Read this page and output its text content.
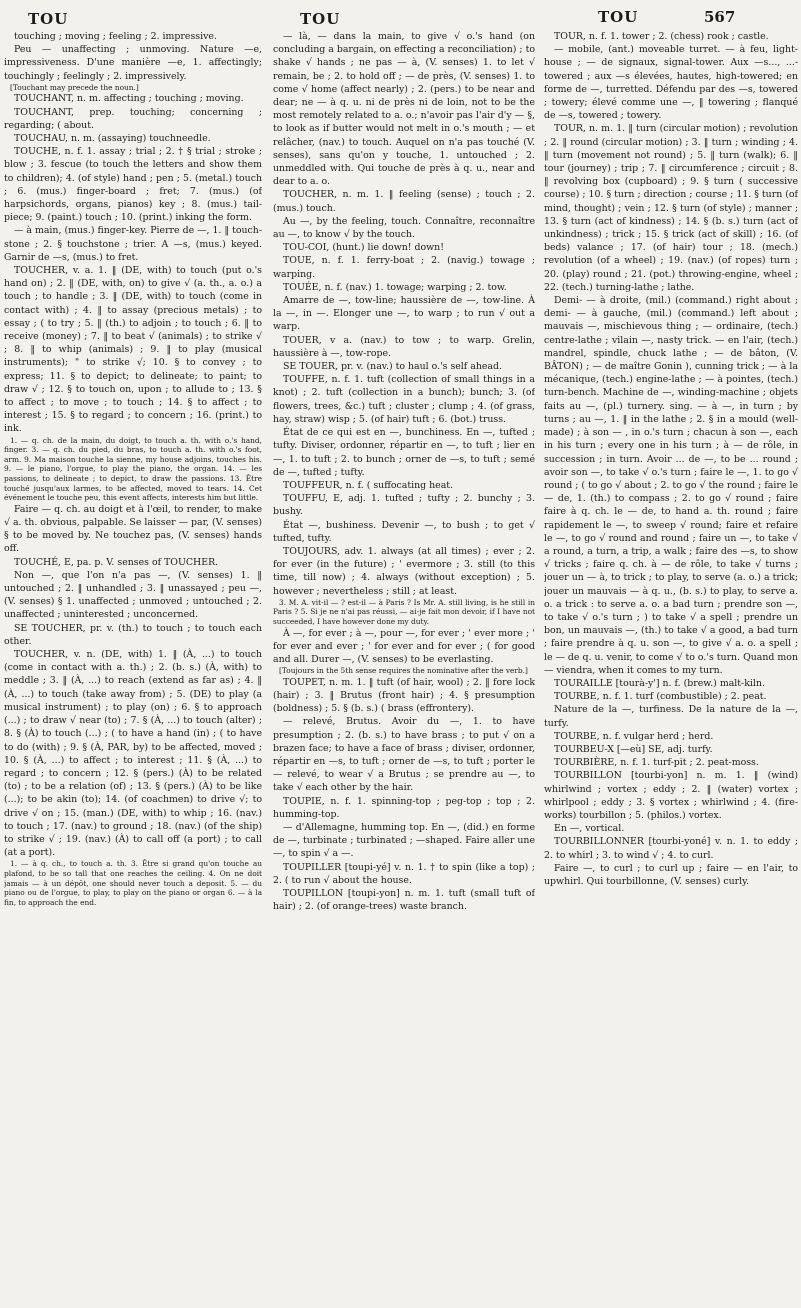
TOU	TOU	TOU	567

touching ; moving ; feeling ; 2. impressive.

Peu — unaffecting ; unmoving. Nature —e, impressiveness. D'une manière —e, 1. affectingly; touchingly ; feelingly ; 2. impressively.

[Touchant may precede the noun.]

TOUCHANT, n. m. affecting ; touching ; moving.

TOUCHANT, prep. touching; concerning ; regarding; ( about.

TOUCHAU, n. m. (assaying) touchneedle.

TOUCHE, n. f. 1. assay ; trial ; 2. † § trial ; stroke ; blow ; 3. fescue (to touch the letters and show them to children); 4. (of style) hand ; pen ; 5. (metal.) touch ; 6. (mus.) finger-board ; fret; 7. (mus.) (of harpsichords, organs, pianos) key ; 8. (mus.) tail-piece; 9. (paint.) touch ; 10. (print.) inking the form.

— à main, (mus.) finger-key. Pierre de —, 1. ‖ touch-stone ; 2. § touchstone ; trier. A —s, (mus.) keyed. Garnir de —s, (mus.) to fret.

TOUCHER, v. a. 1. ‖ (DE, with) to touch (put o.'s hand on) ; 2. ‖ (DE, with, on) to give √ (a. th., a. o.) a touch ; to handle ; 3. ‖ (DE, with) to touch (come in contact with) ; 4. ‖ to assay (precious metals) ; to essay ; ( to try ; 5. ‖ (th.) to adjoin ; to touch ; 6. ‖ to receive (money) ; 7. ‖ to beat √ (animals) ; to strike √ ; 8. ‖ to whip (animals) ; 9. ‖ to play (musical instruments); " to strike √; 10. § to convey ; to express; 11. § to depict; to delineate; to paint; to draw √ ; 12. § to touch on, upon ; to allude to ; 13. § to affect ; to move ; to touch ; 14. § to affect ; to interest ; 15. § to regard ; to concern ; 16. (print.) to ink.

1. — q. ch. de la main, du doigt, to touch a. th. with o.'s hand, finger. 3. — q. ch. du pied, du bras, to touch a. th. with o.'s foot, arm. 9. Ma maison touche la sienne, my house adjoins, touches his. 9. — le piano, l'orgue, to play the piano, the organ. 14. — les passions, to delineate ; to depict, to draw the passions. 13. Être touché jusqu'aux larmes, to be affected, moved to tears. 14. Cet événement le touche peu, this event affects, interests him but little.

Faire — q. ch. au doigt et à l'œil, to render, to make √ a. th. obvious, palpable. Se laisser — par, (V. senses) § to be moved by. Ne touchez pas, (V. senses) hands off.

TOUCHÉ, E, pa. p. V. senses of TOUCHER.

Non —, que l'on n'a pas —, (V. senses) 1. ‖ untouched ; 2. ‖ unhandled ; 3. ‖ unassayed ; peu —, (V. senses) § 1. unaffected ; unmoved ; untouched ; 2. unaffected ; uninterested ; unconcerned.

SE TOUCHER, pr. v. (th.) to touch ; to touch each other.

TOUCHER, v. n. (DE, with) 1. ‖ (À, ...) to touch (come in contact with a. th.) ; 2. (b. s.) (À, with) to meddle ; 3. ‖ (À, ...) to reach (extend as far as) ; 4. ‖ (À, ...) to touch (take away from) ; 5. (DE) to play (a musical instrument) ; to play (on) ; 6. § to approach (...) ; to draw √ near (to) ; 7. § (À, ...) to touch (alter) ; 8. § (À) to touch (...) ; ( to have a hand (in) ; ( to have to do (with) ; 9. § (À, PAR, by) to be affected, moved ; 10. § (À, ...) to affect ; to interest ; 11. § (À, ...) to regard ; to concern ; 12. § (pers.) (À) to be related (to) ; to be a relation (of) ; 13. § (pers.) (À) to be like (...); to be akin (to); 14. (of coachmen) to drive √; to drive √ on ; 15. (man.) (DE, with) to whip ; 16. (nav.) to touch ; 17. (nav.) to ground ; 18. (nav.) (of the ship) to strike √ ; 19. (nav.) (À) to call off (a port) ; to call (at a port).

1. — à q. ch., to touch a. th. 3. Être si grand qu'on touche au plafond, to be so tall that one reaches the ceiling. 4. On ne doit jamais — à un dépôt, one should never touch a deposit. 5. — du piano ou de l'orgue, to play, to play on the piano or organ 6. — à la fin, to approach the end.

— là, — dans la main, to give √ o.'s hand (on concluding a bargain, on effecting a reconciliation) ; to shake √ hands ; ne pas — à, (V. senses) 1. to let √ remain, be ; 2. to hold off ; — de près, (V. senses) 1. to come √ home (affect nearly) ; 2. (pers.) to be near and dear; ne — à q. u. ni de près ni de loin, not to be the most remotely related to a. o.; n'avoir pas l'air d'y — §, to look as if butter would not melt in o.'s mouth ; — et relâcher, (nav.) to touch. Auquel on n'a pas touché (V. senses), sans qu'on y touche, 1. untouched ; 2. unmeddled with. Qui touche de près à q. u., near and dear to a. o.

TOUCHER, n. m. 1. ‖ feeling (sense) ; touch ; 2. (mus.) touch.

Au —, by the feeling, touch. Connaître, reconnaître au —, to know √ by the touch.

TOU-COI, (hunt.) lie down! down!

TOUE, n. f. 1. ferry-boat ; 2. (navig.) towage ; warping.

TOUÉE, n. f. (nav.) 1. towage; warping ; 2. tow.

Amarre de —, tow-line; haussière de —, tow-line. À la —, in —. Elonger une —, to warp ; to run √ out a warp.

TOUER, v a. (nav.) to tow ; to warp. Grelin, haussière à —, tow-rope.

SE TOUER, pr. v. (nav.) to haul o.'s self ahead.

TOUFFE, n. f. 1. tuft (collection of small things in a knot) ; 2. tuft (collection in a bunch); bunch; 3. (of flowers, trees, &c.) tuft ; cluster ; clump ; 4. (of grass, hay, straw) wisp ; 5. (of hair) tuft ; 6. (bot.) truss.

État de ce qui est en —, bunchiness. En —, tufted ; tufty. Diviser, ordonner, répartir en —, to tuft ; lier en —, 1. to tuft ; 2. to bunch ; orner de —s, to tuft ; semé de —, tufted ; tufty.

TOUFFEUR, n. f. ( suffocating heat.

TOUFFU, E, adj. 1. tufted ; tufty ; 2. bunchy ; 3. bushy.

État —, bushiness. Devenir —, to bush ; to get √ tufted, tufty.

TOUJOURS, adv. 1. always (at all times) ; ever ; 2. for ever (in the future) ; ' evermore ; 3. still (to this time, till now) ; 4. always (without exception) ; 5. however ; nevertheless ; still ; at least.

3. M. A. vit-il — ? est-il — à Paris ? Is Mr. A. still living, is he still in Paris ? 5. Si je ne n'ai pas réussi, — ai-je fait mon devoir, if I have not succeeded, I have however done my duty.

À —, for ever ; à —, pour —, for ever ; ' ever more ; ' for ever and ever ; ' for ever and for ever ; ( for good and all. Durer —, (V. senses) to be everlasting.

[Toujours in the 5th sense requires the nominative after the verb.]

TOUPET, n. m. 1. ‖ tuft (of hair, wool) ; 2. ‖ fore lock (hair) ; 3. ‖ Brutus (front hair) ; 4. § presumption (boldness) ; 5. § (b. s.) ( brass (effrontery).

— relevé, Brutus. Avoir du —, 1. to have presumption ; 2. (b. s.) to have brass ; to put √ on a brazen face; to have a face of brass ; diviser, ordonner, répartir en —s, to tuft ; orner de —s, to tuft ; porter le — relevé, to wear √ a Brutus ; se prendre au —, to take √ each other by the hair.

TOUPIE, n. f. 1. spinning-top ; peg-top ; top ; 2. humming-top.

— d'Allemagne, humming top. En —, (did.) en forme de —, turbinate ; turbinated ; —shaped. Faire aller une —, to spin √ a —.

TOUPILLER [toupi-yé] v. n. 1. † to spin (like a top) ; 2. ( to run √ about the house.

TOUPILLON [toupi-yon] n. m. 1. tuft (small tuft of hair) ; 2. (of orange-trees) waste branch.

TOUR, n. f. 1. tower ; 2. (chess) rook ; castle.

— mobile, (ant.) moveable turret. — à feu, light-house ; — de signaux, signal-tower. Aux —s..., ...-towered ; aux —s élevées, hautes, high-towered; en forme de —, turretted. Défendu par des —s, towered ; towery; élevé comme une —, ‖ towering ; flanqué de —s, towered ; towery.

TOUR, n. m. 1. ‖ turn (circular motion) ; revolution ; 2. ‖ round (circular motion) ; 3. ‖ turn ; winding ; 4. ‖ turn (movement not round) ; 5. ‖ turn (walk); 6. ‖ tour (journey) ; trip ; 7. ‖ circumference ; circuit ; 8. ‖ revolving box (cupboard) ; 9. § turn ( successive course) ; 10. § turn ; direction ; course ; 11. § turn (of mind, thought) ; vein ; 12. § turn (of style) ; manner ; 13. § turn (act of kindness) ; 14. § (b. s.) turn (act of unkindness) ; trick ; 15. § trick (act of skill) ; 16. (of beds) valance ; 17. (of hair) tour ; 18. (mech.) revolution (of a wheel) ; 19. (nav.) (of ropes) turn ; 20. (play) round ; 21. (pot.) throwing-engine, wheel ; 22. (tech.) turning-lathe ; lathe.

Demi- — à droite, (mil.) (command.) right about ; demi- — à gauche, (mil.) (command.) left about ; mauvais —, mischievous thing ; — ordinaire, (tech.) centre-lathe ; vilain —, nasty trick. — en l'air, (tech.) mandrel, spindle, chuck lathe ; — de bâton, (V. BÂTON) ; — de maître Gonin ), cunning trick ; — à la mécanique, (tech.) engine-lathe ; — à pointes, (tech.) turn-bench. Machine de —, winding-machine ; objets faits au —, (pl.) turnery. sing. — à —, in turn ; by turns ; au —, 1. ‖ in the lathe ; 2. § in a mould (well-made) ; à son — , in o.'s turn ; chacun à son —, each in his turn ; every one in his turn ; à — de rôle, in succession ; in turn. Avoir ... de —, to be ... round ; avoir son —, to take √ o.'s turn ; faire le —, 1. to go √ round ; ( to go √ about ; 2. to go √ the round ; faire le — de, 1. (th.) to compass ; 2. to go √ round ; faire faire à q. ch. le — de, to hand a. th. round ; faire rapidement le —, to sweep √ round; faire et refaire le —, to go √ round and round ; faire un —, to take √ a round, a turn, a trip, a walk ; faire des —s, to show √ tricks ; faire q. ch. à — de rôle, to take √ turns ; jouer un — à, to trick ; to play, to serve (a. o.) a trick; jouer un mauvais — à q. u., (b. s.) to play, to serve a. o. a trick : to serve a. o. a bad turn ; prendre son —, to take √ o.'s turn ; ) to take √ a spell ; prendre un bon, un mauvais —, (th.) to take √ a good, a bad turn ; faire prendre à q. u. son —, to give √ a. o. a spell ; le — de q. u. venir, to come √ to o.'s turn. Quand mon — viendra, when it comes to my turn.

TOURAILLE [tourà-y'] n. f. (brew.) malt-kiln.

TOURBE, n. f. 1. turf (combustible) ; 2. peat.

Nature de la —, turfiness. De la nature de la —, turfy.

TOURBE, n. f. vulgar herd ; herd.

TOURBEU-X [—eù] SE, adj. turfy.

TOURBIÈRE, n. f. 1. turf-pit ; 2. peat-moss.

TOURBILLON [tourbi-yon] n. m. 1. ‖ (wind) whirlwind ; vortex ; eddy ; 2. ‖ (water) vortex ; whirlpool ; eddy ; 3. § vortex ; whirlwind ; 4. (fire-works) tourbillon ; 5. (philos.) vortex.

En —, vortical.

TOURBILLONNER [tourbi-yoné] v. n. 1. to eddy ; 2. to whirl ; 3. to wind √ ; 4. to curl.

Faire —, to curl ; to curl up ; faire — en l'air, to upwhirl. Qui tourbillonne, (V. senses) curly.
